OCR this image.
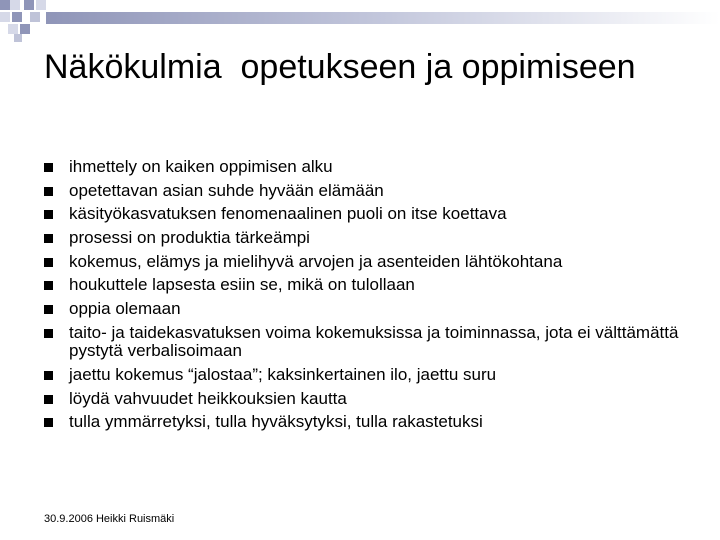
Näkökulmia  opetukseen ja oppimiseen
ihmettely on kaiken oppimisen alku
opetettavan asian suhde hyvään elämään
käsityökasvatuksen fenomenaalinen puoli on itse koettava
prosessi on produktia tärkeämpi
kokemus, elämys ja mielihyvä arvojen ja asenteiden lähtökohtana
houkuttele lapsesta esiin se, mikä on tulollaan
oppia olemaan
taito- ja taidekasvatuksen voima kokemuksissa ja toiminnassa, jota ei välttämättä pystytä verbalisoimaan
jaettu kokemus “jalostaa”; kaksinkertainen ilo, jaettu suru
löydä vahvuudet heikkouksien kautta
tulla ymmärretyksi, tulla hyväksytyksi, tulla rakastetuksi
30.9.2006 Heikki Ruismäki
